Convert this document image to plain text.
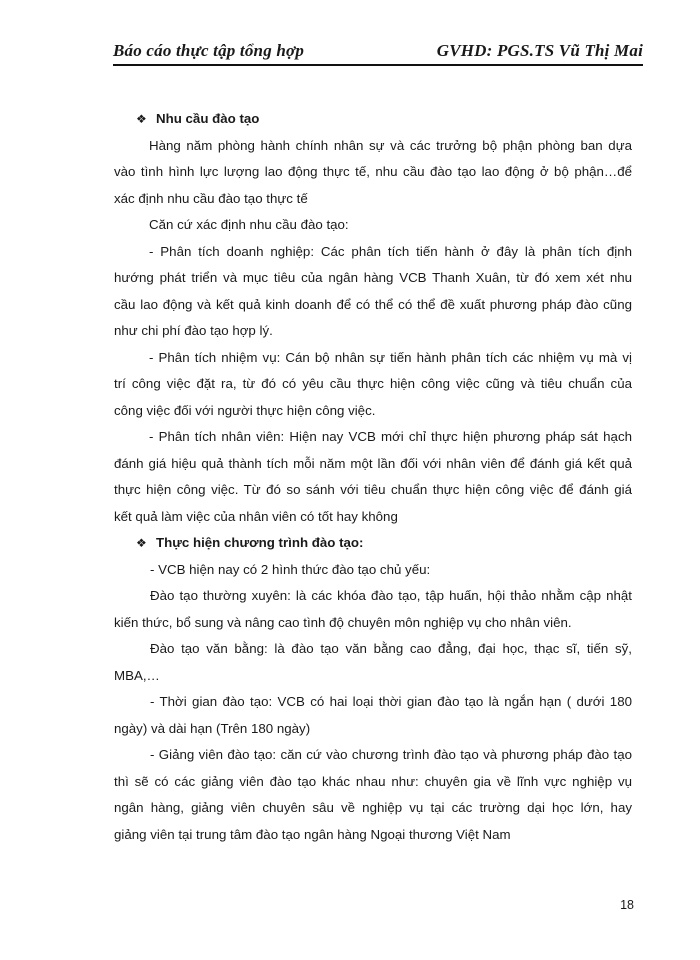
Báo cáo thực tập tổng hợp	GVHD: PGS.TS Vũ Thị Mai
❖ Nhu cầu đào tạo
Hàng năm phòng hành chính nhân sự và các trưởng bộ phận phòng ban dựa
vào tình hình lực lượng lao động thực tế, nhu cầu đào tạo lao động ở bộ phận…để
xác định nhu cầu đào tạo thực tế
Căn cứ xác định nhu cầu đào tạo:
- Phân tích doanh nghiệp: Các phân tích tiến hành ở đây là phân tích định
hướng phát triển và mục tiêu của ngân hàng VCB Thanh Xuân, từ đó xem xét nhu
cầu lao động và kết quả kinh doanh để có thể có thể đề xuất phương pháp đào cũng
như chi phí đào tạo hợp lý.
- Phân tích nhiệm vụ: Cán bộ nhân sự tiến hành phân tích các nhiệm vụ mà vị
trí công việc đặt ra, từ đó có yêu cầu thực hiện công việc cũng và tiêu chuẩn của
công việc đối với người thực hiện công việc.
- Phân tích nhân viên: Hiện nay VCB mới chỉ thực hiện phương pháp sát hạch
đánh giá hiệu quả thành tích mỗi năm một lần đối với nhân viên để đánh giá kết quả
thực hiện công việc. Từ đó so sánh với tiêu chuẩn thực hiện công việc để đánh giá
kết quả làm việc của nhân viên có tốt hay không
❖ Thực hiện chương trình đào tạo:
- VCB hiện nay có 2 hình thức đào tạo chủ yếu:
Đào tạo thường xuyên: là các khóa đào tạo, tập huấn, hội thảo nhằm cập nhật
kiến thức, bổ sung và nâng cao tình độ chuyên môn nghiệp vụ cho nhân viên.
Đào tạo văn bằng: là đào tạo văn bằng cao đẳng, đại học, thạc sĩ, tiến sỹ,
MBA,…
- Thời gian đào tạo: VCB có hai loại thời gian đào tạo là ngắn hạn ( dưới 180
ngày) và dài hạn (Trên 180 ngày)
- Giảng viên đào tạo: căn cứ vào chương trình đào tạo và phương pháp đào tạo
thì sẽ có các giảng viên đào tạo khác nhau như: chuyên gia về lĩnh vực nghiệp vụ
ngân hàng, giảng viên chuyên sâu về nghiệp vụ tại các trường dại học lớn, hay
giảng viên tại trung tâm đào tạo ngân hàng Ngoại thương Việt Nam
18
